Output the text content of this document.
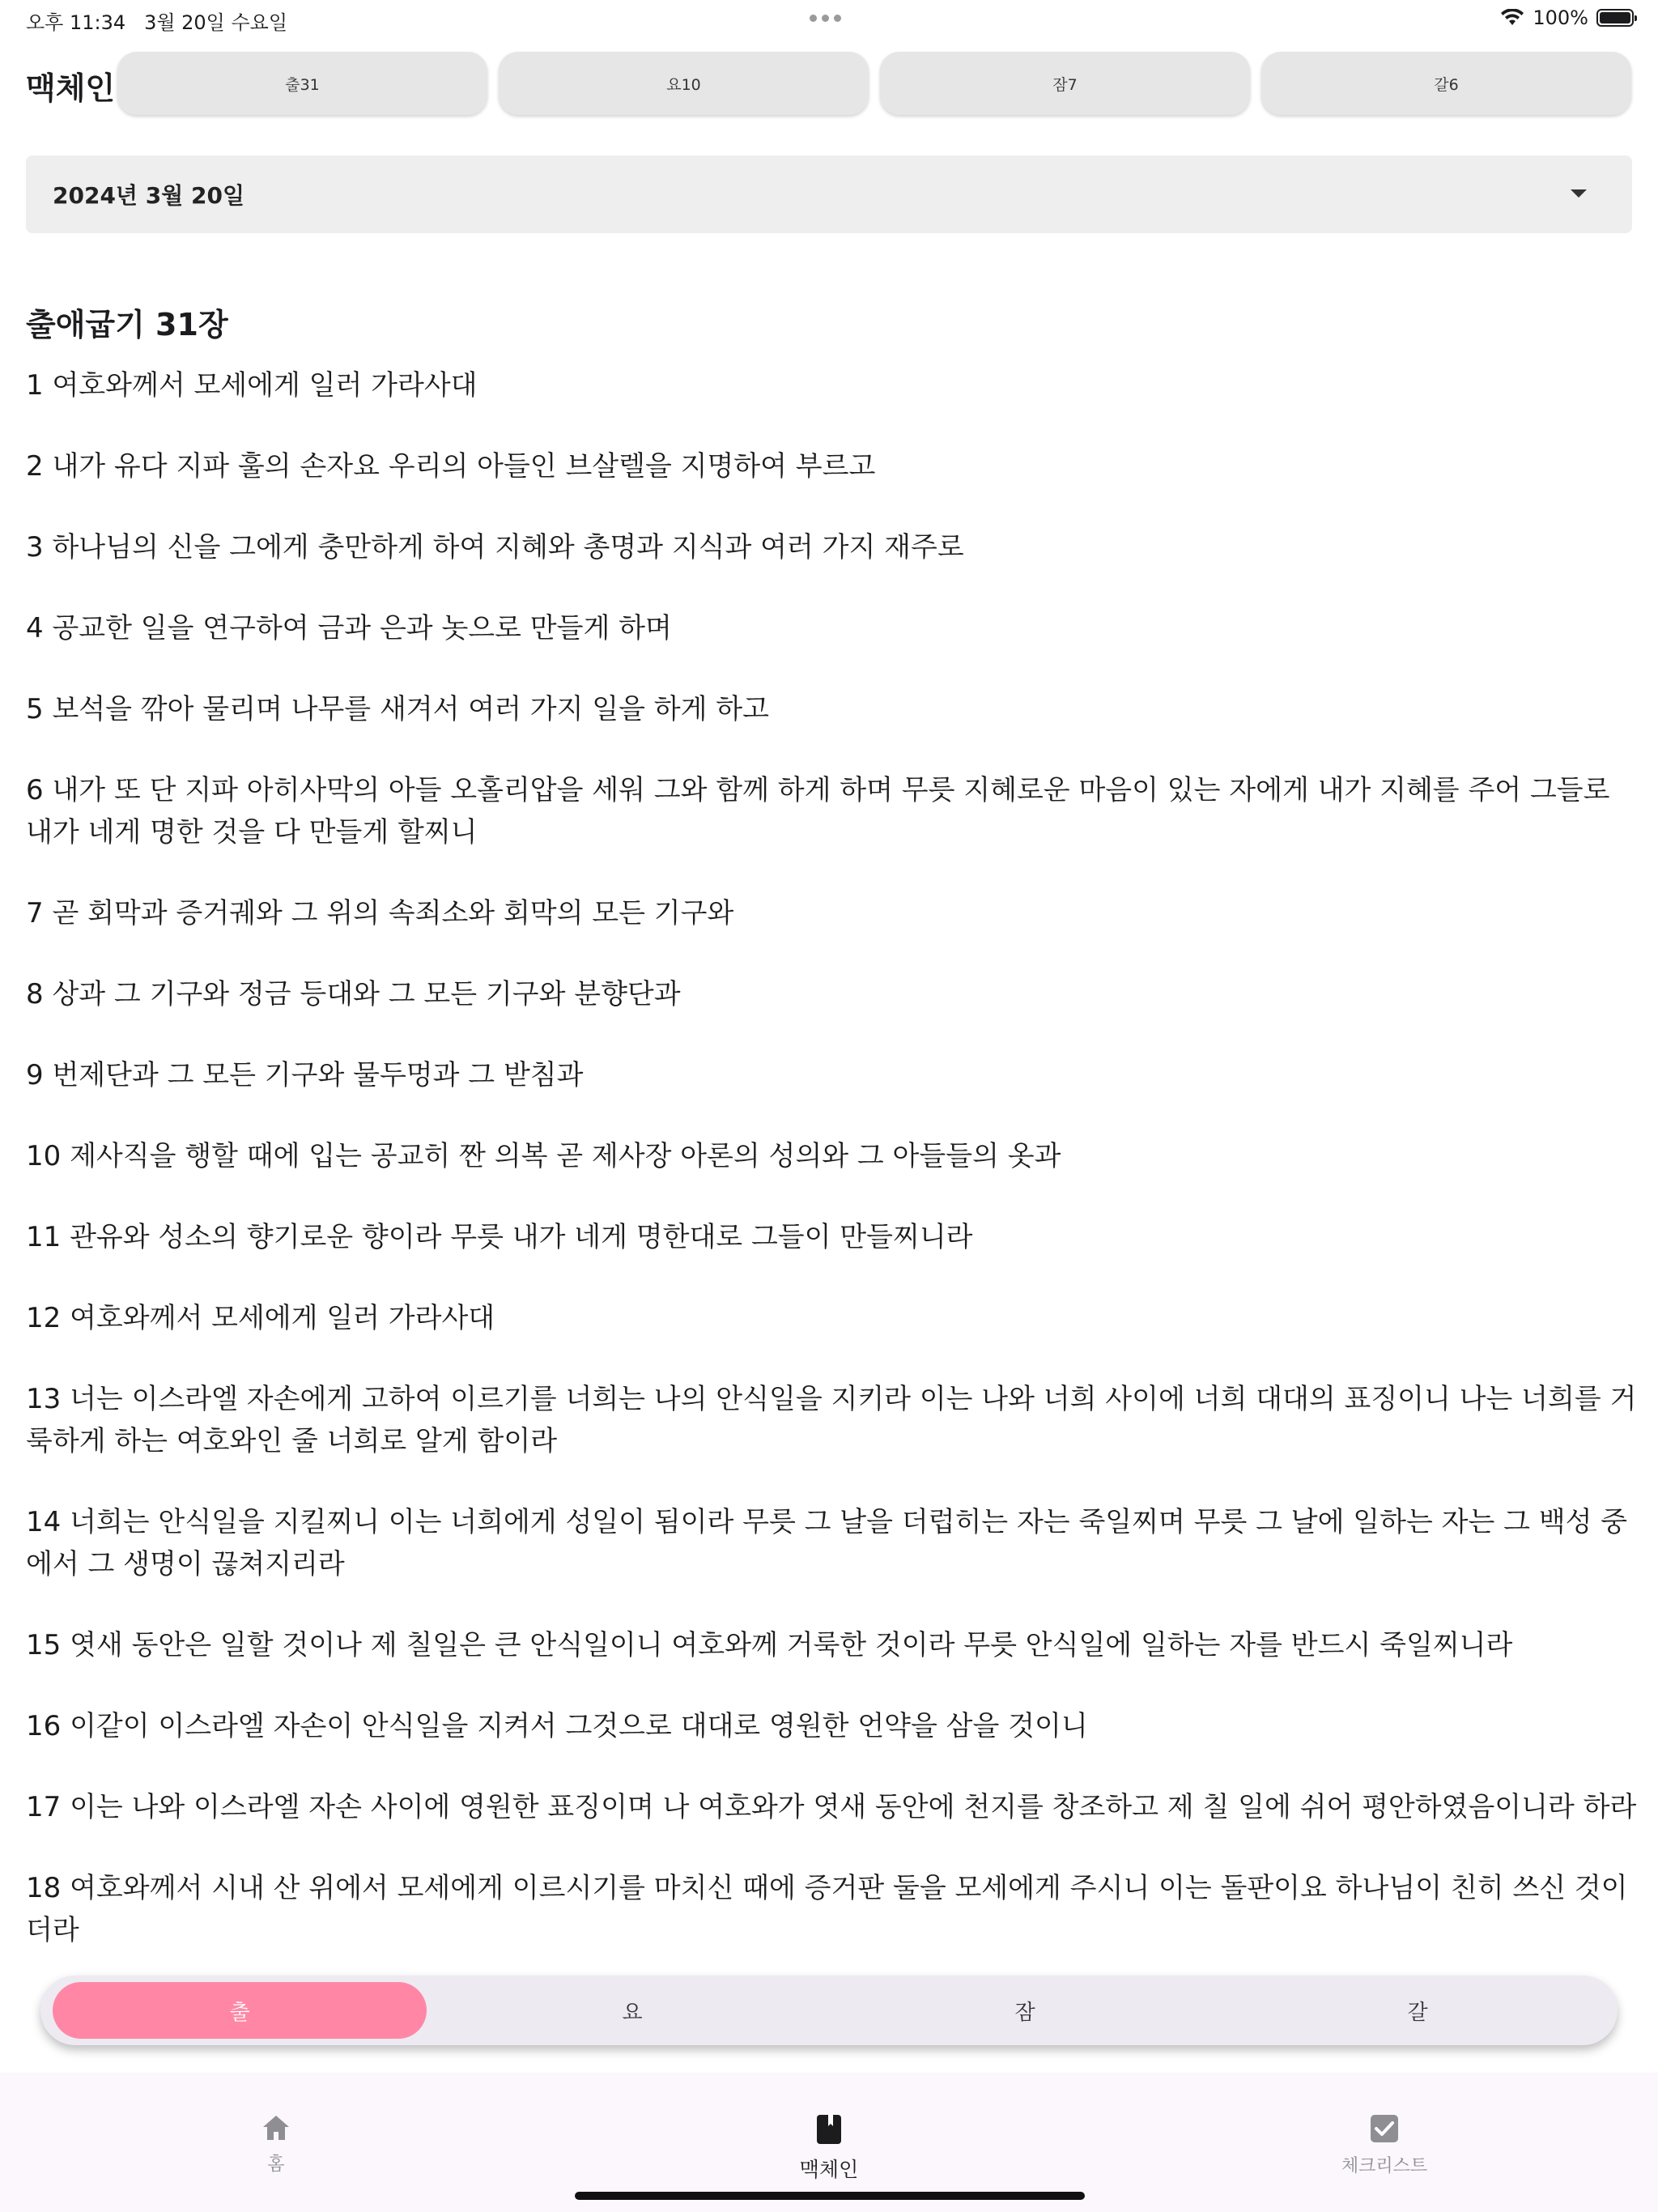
오후 11:34 3월 20일 수요일	100%
맥체인	출31	요10	잠7	갈6
2024년 3월 20일
출애굽기 31장

1 여호와께서 모세에게 일러 가라사대

2 내가 유다 지파 훌의 손자요 우리의 아들인 브살렐을 지명하여 부르고

3 하나님의 신을 그에게 충만하게 하여 지혜와 총명과 지식과 여러 가지 재주로

4 공교한 일을 연구하여 금과 은과 놋으로 만들게 하며

5 보석을 깎아 물리며 나무를 새겨서 여러 가지 일을 하게 하고

6 내가 또 단 지파 아히사막의 아들 오홀리압을 세워 그와 함께 하게 하며 무릇 지혜로운 마음이 있는 자에게 내가 지혜를 주어 그들로 내가 네게 명한 것을 다 만들게 할찌니

7 곧 회막과 증거궤와 그 위의 속죄소와 회막의 모든 기구와

8 상과 그 기구와 정금 등대와 그 모든 기구와 분향단과

9 번제단과 그 모든 기구와 물두멍과 그 받침과

10 제사직을 행할 때에 입는 공교히 짠 의복 곧 제사장 아론의 성의와 그 아들들의 옷과

11 관유와 성소의 향기로운 향이라 무릇 내가 네게 명한대로 그들이 만들찌니라

12 여호와께서 모세에게 일러 가라사대

13 너는 이스라엘 자손에게 고하여 이르기를 너희는 나의 안식일을 지키라 이는 나와 너희 사이에 너희 대대의 표징이니 나는 너희를 거룩하게 하는 여호와인 줄 너희로 알게 함이라

14 너희는 안식일을 지킬찌니 이는 너희에게 성일이 됨이라 무릇 그 날을 더럽히는 자는 죽일찌며 무릇 그 날에 일하는 자는 그 백성 중에서 그 생명이 끊쳐지리라

15 엿새 동안은 일할 것이나 제 칠일은 큰 안식일이니 여호와께 거룩한 것이라 무릇 안식일에 일하는 자를 반드시 죽일찌니라

16 이같이 이스라엘 자손이 안식일을 지켜서 그것으로 대대로 영원한 언약을 삼을 것이니

17 이는 나와 이스라엘 자손 사이에 영원한 표징이며 나 여호와가 엿새 동안에 천지를 창조하고 제 칠 일에 쉬어 평안하였음이니라 하라

18 여호와께서 시내 산 위에서 모세에게 이르시기를 마치신 때에 증거판 둘을 모세에게 주시니 이는 돌판이요 하나님이 친히 쓰신 것이더라

출	요	잠	갈
홈	맥체인	체크리스트
